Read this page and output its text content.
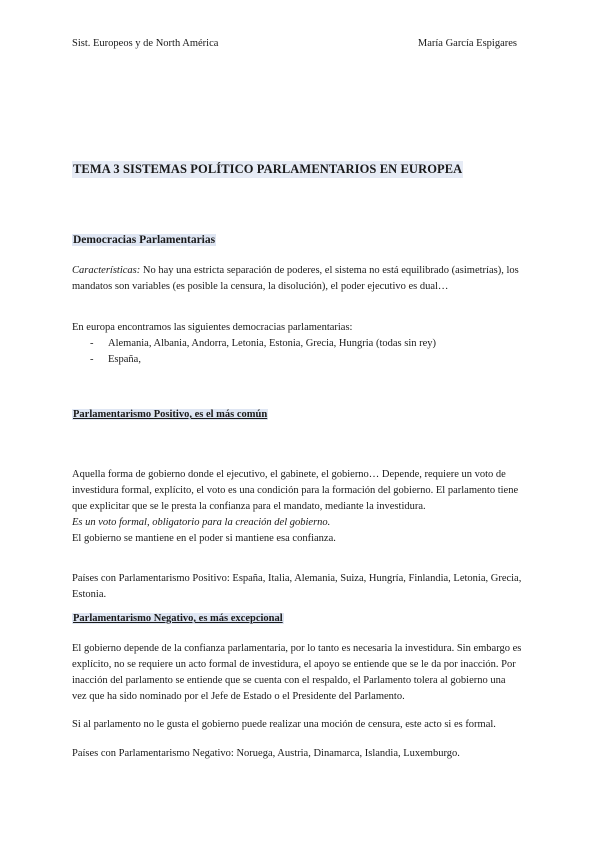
Sist. Europeos y de North América	María García Espigares
TEMA 3 SISTEMAS POLÍTICO PARLAMENTARIOS EN EUROPEA
Democracias Parlamentarias
Características: No hay una estricta separación de poderes, el sistema no está equilibrado (asimetrías), los mandatos son variables (es posible la censura, la disolución), el poder ejecutivo es dual…
En europa encontramos las siguientes democracias parlamentarias:
- Alemania, Albania, Andorra, Letonia, Estonia, Grecia, Hungria (todas sin rey)
- España,
Parlamentarismo Positivo, es el más común
Aquella forma de gobierno donde el ejecutivo, el gabinete, el gobierno… Depende, requiere un voto de investidura formal, explícito, el voto es una condición para la formación del gobierno. El parlamento tiene que explicitar que se le presta la confianza para el mandato, mediante la investidura.
Es un voto formal, obligatorio para la creación del gobierno.
El gobierno se mantiene en el poder si mantiene esa confianza.
Países con Parlamentarismo Positivo: España, Italia, Alemania, Suiza, Hungría, Finlandia, Letonia, Grecia, Estonia.
Parlamentarismo Negativo, es más excepcional
El gobierno depende de la confianza parlamentaria, por lo tanto es necesaria la investidura. Sin embargo es explícito, no se requiere un acto formal de investidura, el apoyo se entiende que se le da por inacción. Por inacción del parlamento se entiende que se cuenta con el respaldo, el Parlamento tolera al gobierno una vez que ha sido nominado por el Jefe de Estado o el Presidente del Parlamento.
Si al parlamento no le gusta el gobierno puede realizar una moción de censura, este acto si es formal.
Países con Parlamentarismo Negativo: Noruega, Austria, Dinamarca, Islandia, Luxemburgo.
